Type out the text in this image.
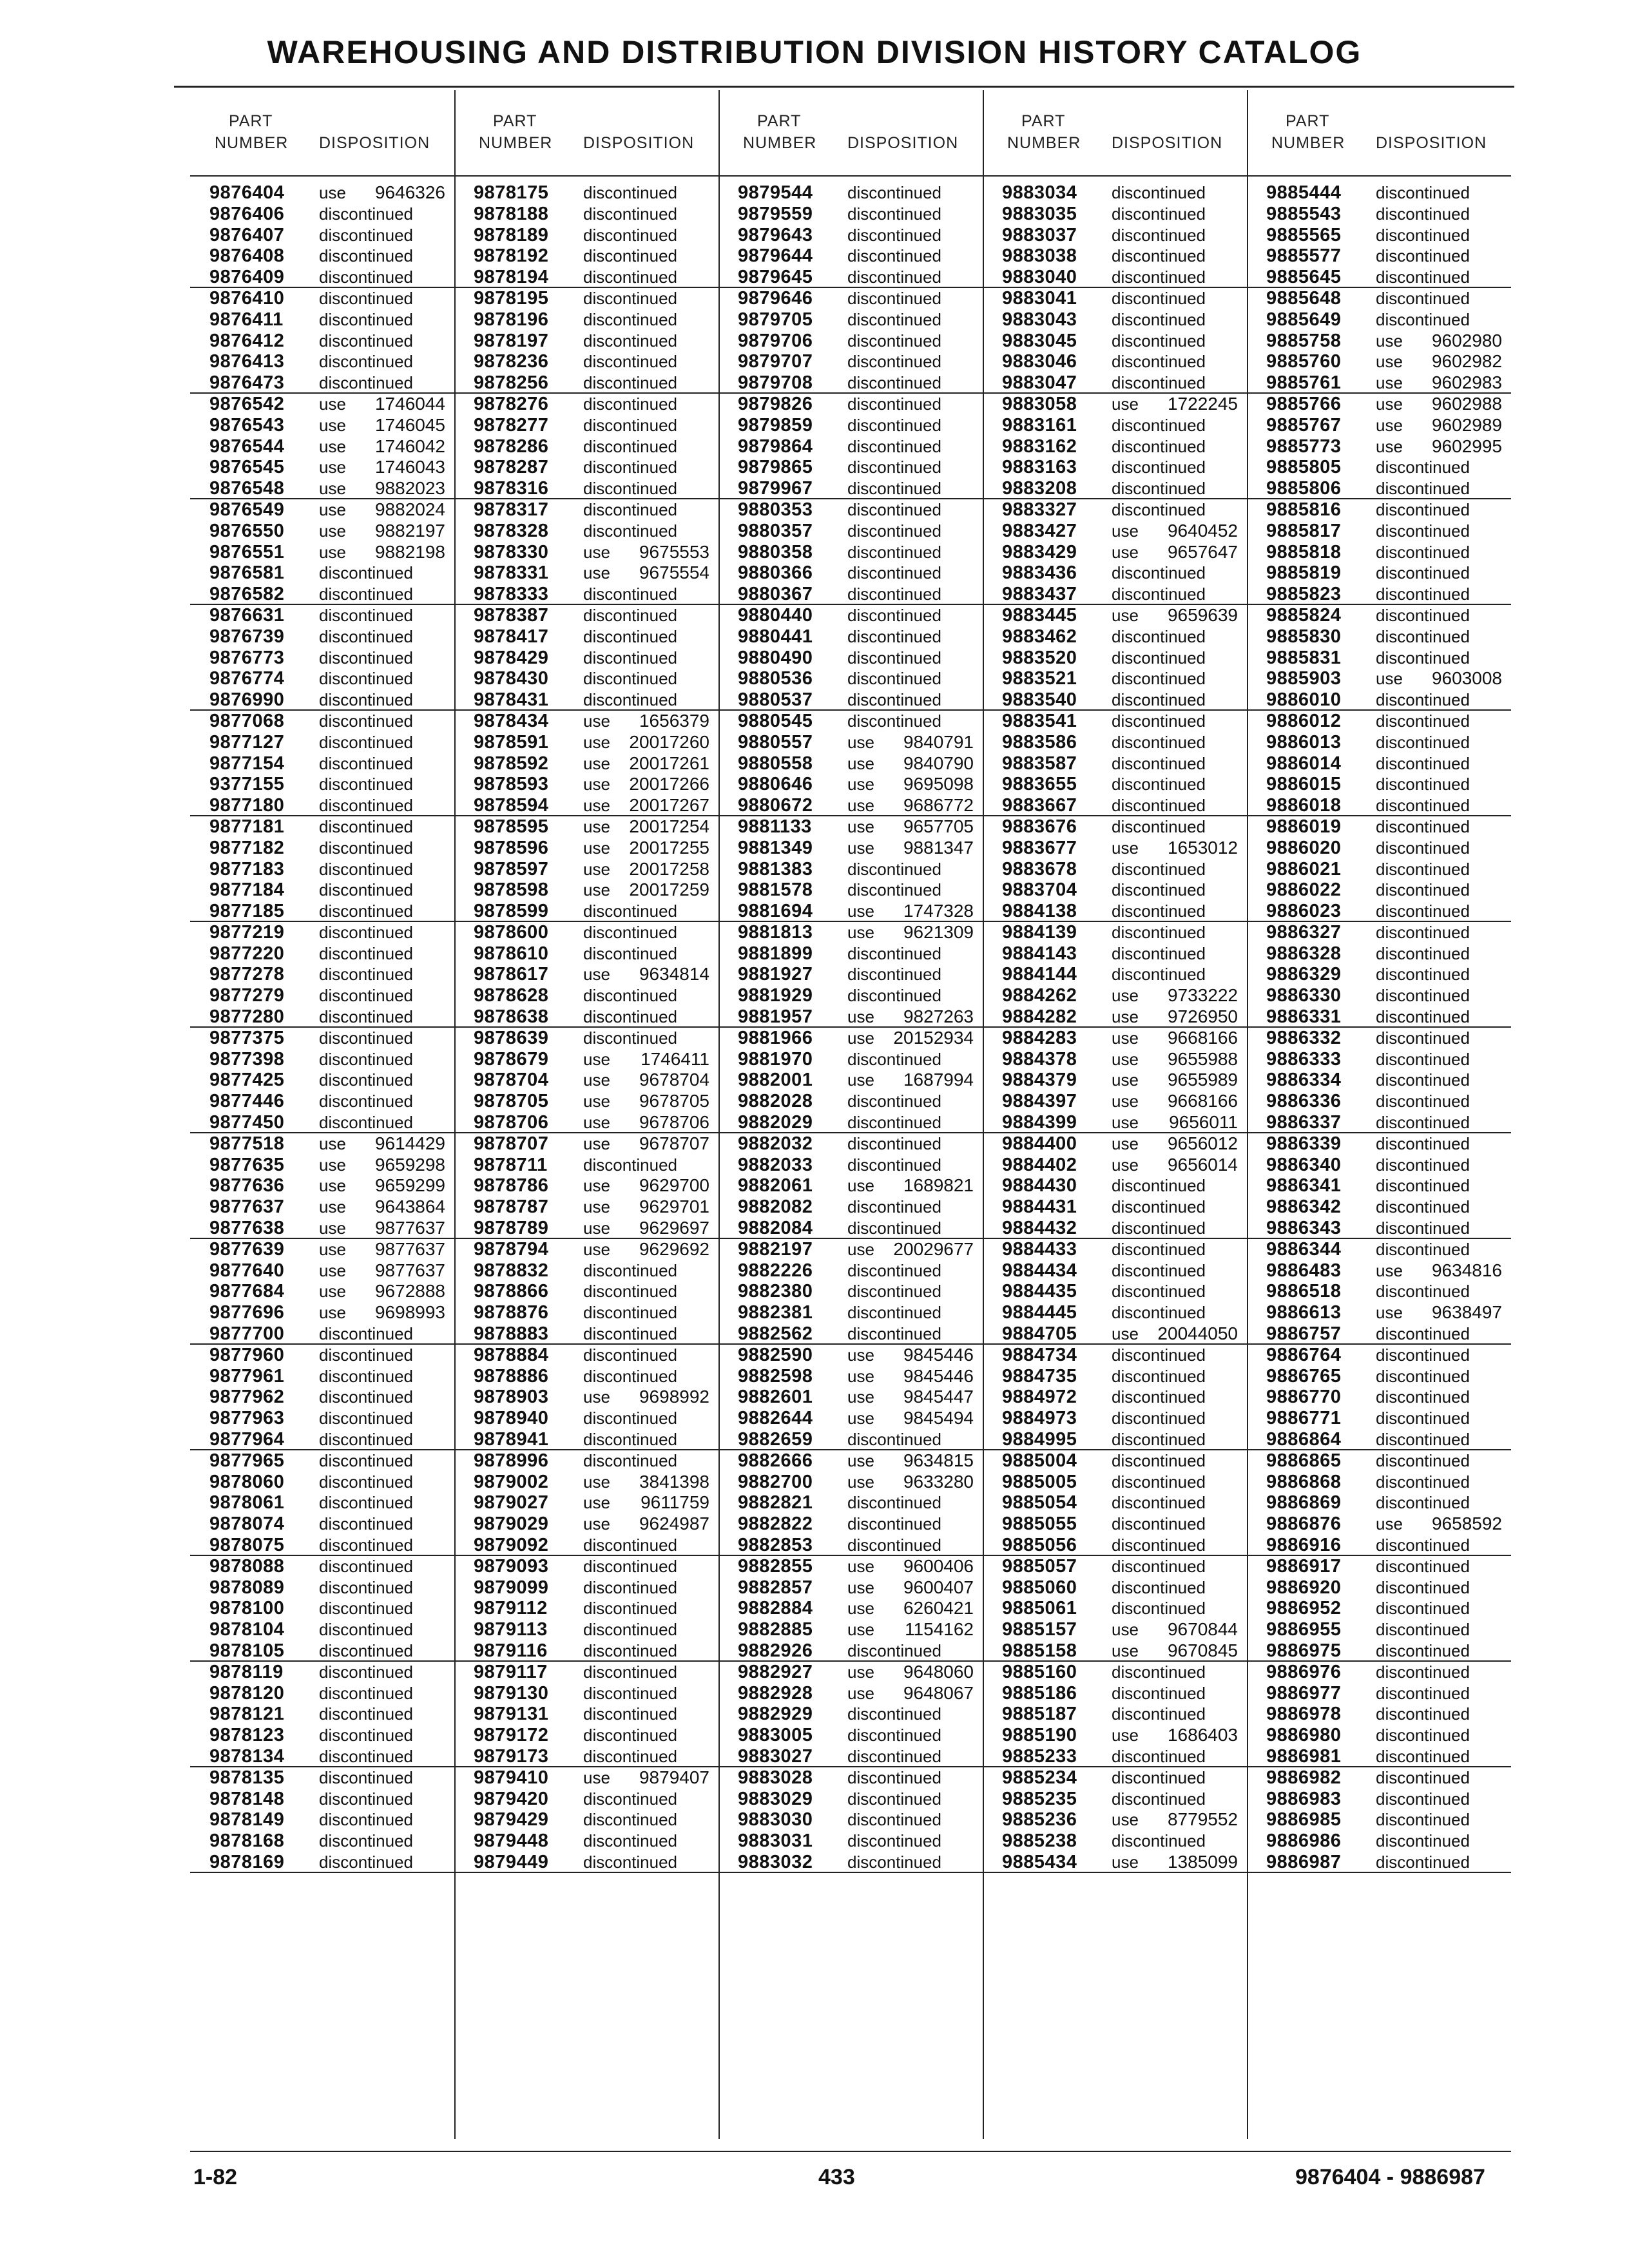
WAREHOUSING AND DISTRIBUTION DIVISION HISTORY CATALOG
PART
NUMBER DISPOSITION
9876404 use 9646326
9876406 discontinued
9876407 discontinued
9876408 discontinued
9876409 discontinued
9876410 discontinued
9876411 discontinued
9876412 discontinued
9876413 discontinued
9876473 discontinued
9876542 use 1746044
9876543 use 1746045
9876544 use 1746042
9876545 use 1746043
9876548 use 9882023
9876549 use 9882024
9876550 use 9882197
9876551 use 9882198
9876581 discontinued
9876582 discontinued
9876631 discontinued
9876739 discontinued
9876773 discontinued
9876774 discontinued
9876990 discontinued
9877068 discontinued
9877127 discontinued
9877154 discontinued
9377155 discontinued
9877180 discontinued
9877181 discontinued
9877182 discontinued
9877183 discontinued
9877184 discontinued
9877185 discontinued
9877219 discontinued
9877220 discontinued
9877278 discontinued
9877279 discontinued
9877280 discontinued
9877375 discontinued
9877398 discontinued
9877425 discontinued
9877446 discontinued
9877450 discontinued
9877518 use 9614429
9877635 use 9659298
9877636 use 9659299
9877637 use 9643864
9877638 use 9877637
9877639 use 9877637
9877640 use 9877637
9877684 use 9672888
9877696 use 9698993
9877700 discontinued
9877960 discontinued
9877961 discontinued
9877962 discontinued
9877963 discontinued
9877964 discontinued
9877965 discontinued
9878060 discontinued
9878061 discontinued
9878074 discontinued
9878075 discontinued
9878088 discontinued
9878089 discontinued
9878100 discontinued
9878104 discontinued
9878105 discontinued
9878119 discontinued
9878120 discontinued
9878121 discontinued
9878123 discontinued
9878134 discontinued
9878135 discontinued
9878148 discontinued
9878149 discontinued
9878168 discontinued
9878169 discontinued
PART
NUMBER DISPOSITION
9878175 discontinued
9878188 discontinued
9878189 discontinued
9878192 discontinued
9878194 discontinued
9878195 discontinued
9878196 discontinued
9878197 discontinued
9878236 discontinued
9878256 discontinued
9878276 discontinued
9878277 discontinued
9878286 discontinued
9878287 discontinued
9878316 discontinued
9878317 discontinued
9878328 discontinued
9878330 use 9675553
9878331 use 9675554
9878333 discontinued
9878387 discontinued
9878417 discontinued
9878429 discontinued
9878430 discontinued
9878431 discontinued
9878434 use 1656379
9878591 use 20017260
9878592 use 20017261
9878593 use 20017266
9878594 use 20017267
9878595 use 20017254
9878596 use 20017255
9878597 use 20017258
9878598 use 20017259
9878599 discontinued
9878600 discontinued
9878610 discontinued
9878617 use 9634814
9878628 discontinued
9878638 discontinued
9878639 discontinued
9878679 use 1746411
9878704 use 9678704
9878705 use 9678705
9878706 use 9678706
9878707 use 9678707
9878711 discontinued
9878786 use 9629700
9878787 use 9629701
9878789 use 9629697
9878794 use 9629692
9878832 discontinued
9878866 discontinued
9878876 discontinued
9878883 discontinued
9878884 discontinued
9878886 discontinued
9878903 use 9698992
9878940 discontinued
9878941 discontinued
9878996 discontinued
9879002 use 3841398
9879027 use 9611759
9879029 use 9624987
9879092 discontinued
9879093 discontinued
9879099 discontinued
9879112 discontinued
9879113 discontinued
9879116 discontinued
9879117 discontinued
9879130 discontinued
9879131 discontinued
9879172 discontinued
9879173 discontinued
9879410 use 9879407
9879420 discontinued
9879429 discontinued
9879448 discontinued
9879449 discontinued
PART
NUMBER DISPOSITION
9879544 discontinued
9879559 discontinued
9879643 discontinued
9879644 discontinued
9879645 discontinued
9879646 discontinued
9879705 discontinued
9879706 discontinued
9879707 discontinued
9879708 discontinued
9879826 discontinued
9879859 discontinued
9879864 discontinued
9879865 discontinued
9879967 discontinued
9880353 discontinued
9880357 discontinued
9880358 discontinued
9880366 discontinued
9880367 discontinued
9880440 discontinued
9880441 discontinued
9880490 discontinued
9880536 discontinued
9880537 discontinued
9880545 discontinued
9880557 use 9840791
9880558 use 9840790
9880646 use 9695098
9880672 use 9686772
9881133 use 9657705
9881349 use 9881347
9881383 discontinued
9881578 discontinued
9881694 use 1747328
9881813 use 9621309
9881899 discontinued
9881927 discontinued
9881929 discontinued
9881957 use 9827263
9881966 use 20152934
9881970 discontinued
9882001 use 1687994
9882028 discontinued
9882029 discontinued
9882032 discontinued
9882033 discontinued
9882061 use 1689821
9882082 discontinued
9882084 discontinued
9882197 use 20029677
9882226 discontinued
9882380 discontinued
9882381 discontinued
9882562 discontinued
9882590 use 9845446
9882598 use 9845446
9882601 use 9845447
9882644 use 9845494
9882659 discontinued
9882666 use 9634815
9882700 use 9633280
9882821 discontinued
9882822 discontinued
9882853 discontinued
9882855 use 9600406
9882857 use 9600407
9882884 use 6260421
9882885 use 1154162
9882926 discontinued
9882927 use 9648060
9882928 use 9648067
9882929 discontinued
9883005 discontinued
9883027 discontinued
9883028 discontinued
9883029 discontinued
9883030 discontinued
9883031 discontinued
9883032 discontinued
PART
NUMBER DISPOSITION
9883034 discontinued
9883035 discontinued
9883037 discontinued
9883038 discontinued
9883040 discontinued
9883041 discontinued
9883043 discontinued
9883045 discontinued
9883046 discontinued
9883047 discontinued
9883058 use 1722245
9883161 discontinued
9883162 discontinued
9883163 discontinued
9883208 discontinued
9883327 discontinued
9883427 use 9640452
9883429 use 9657647
9883436 discontinued
9883437 discontinued
9883445 use 9659639
9883462 discontinued
9883520 discontinued
9883521 discontinued
9883540 discontinued
9883541 discontinued
9883586 discontinued
9883587 discontinued
9883655 discontinued
9883667 discontinued
9883676 discontinued
9883677 use 1653012
9883678 discontinued
9883704 discontinued
9884138 discontinued
9884139 discontinued
9884143 discontinued
9884144 discontinued
9884262 use 9733222
9884282 use 9726950
9884283 use 9668166
9884378 use 9655988
9884379 use 9655989
9884397 use 9668166
9884399 use 9656011
9884400 use 9656012
9884402 use 9656014
9884430 discontinued
9884431 discontinued
9884432 discontinued
9884433 discontinued
9884434 discontinued
9884435 discontinued
9884445 discontinued
9884705 use 20044050
9884734 discontinued
9884735 discontinued
9884972 discontinued
9884973 discontinued
9884995 discontinued
9885004 discontinued
9885005 discontinued
9885054 discontinued
9885055 discontinued
9885056 discontinued
9885057 discontinued
9885060 discontinued
9885061 discontinued
9885157 use 9670844
9885158 use 9670845
9885160 discontinued
9885186 discontinued
9885187 discontinued
9885190 use 1686403
9885233 discontinued
9885234 discontinued
9885235 discontinued
9885236 use 8779552
9885238 discontinued
9885434 use 1385099
PART
NUMBER DISPOSITION
9885444 discontinued
9885543 discontinued
9885565 discontinued
9885577 discontinued
9885645 discontinued
9885648 discontinued
9885649 discontinued
9885758 use 9602980
9885760 use 9602982
9885761 use 9602983
9885766 use 9602988
9885767 use 9602989
9885773 use 9602995
9885805 discontinued
9885806 discontinued
9885816 discontinued
9885817 discontinued
9885818 discontinued
9885819 discontinued
9885823 discontinued
9885824 discontinued
9885830 discontinued
9885831 discontinued
9885903 use 9603008
9886010 discontinued
9886012 discontinued
9886013 discontinued
9886014 discontinued
9886015 discontinued
9886018 discontinued
9886019 discontinued
9886020 discontinued
9886021 discontinued
9886022 discontinued
9886023 discontinued
9886327 discontinued
9886328 discontinued
9886329 discontinued
9886330 discontinued
9886331 discontinued
9886332 discontinued
9886333 discontinued
9886334 discontinued
9886336 discontinued
9886337 discontinued
9886339 discontinued
9886340 discontinued
9886341 discontinued
9886342 discontinued
9886343 discontinued
9886344 discontinued
9886483 use 9634816
9886518 discontinued
9886613 use 9638497
9886757 discontinued
9886764 discontinued
9886765 discontinued
9886770 discontinued
9886771 discontinued
9886864 discontinued
9886865 discontinued
9886868 discontinued
9886869 discontinued
9886876 use 9658592
9886916 discontinued
9886917 discontinued
9886920 discontinued
9886952 discontinued
9886955 discontinued
9886975 discontinued
9886976 discontinued
9886977 discontinued
9886978 discontinued
9886980 discontinued
9886981 discontinued
9886982 discontinued
9886983 discontinued
9886985 discontinued
9886986 discontinued
9886987 discontinued
1-82	433	9876404 - 9886987
